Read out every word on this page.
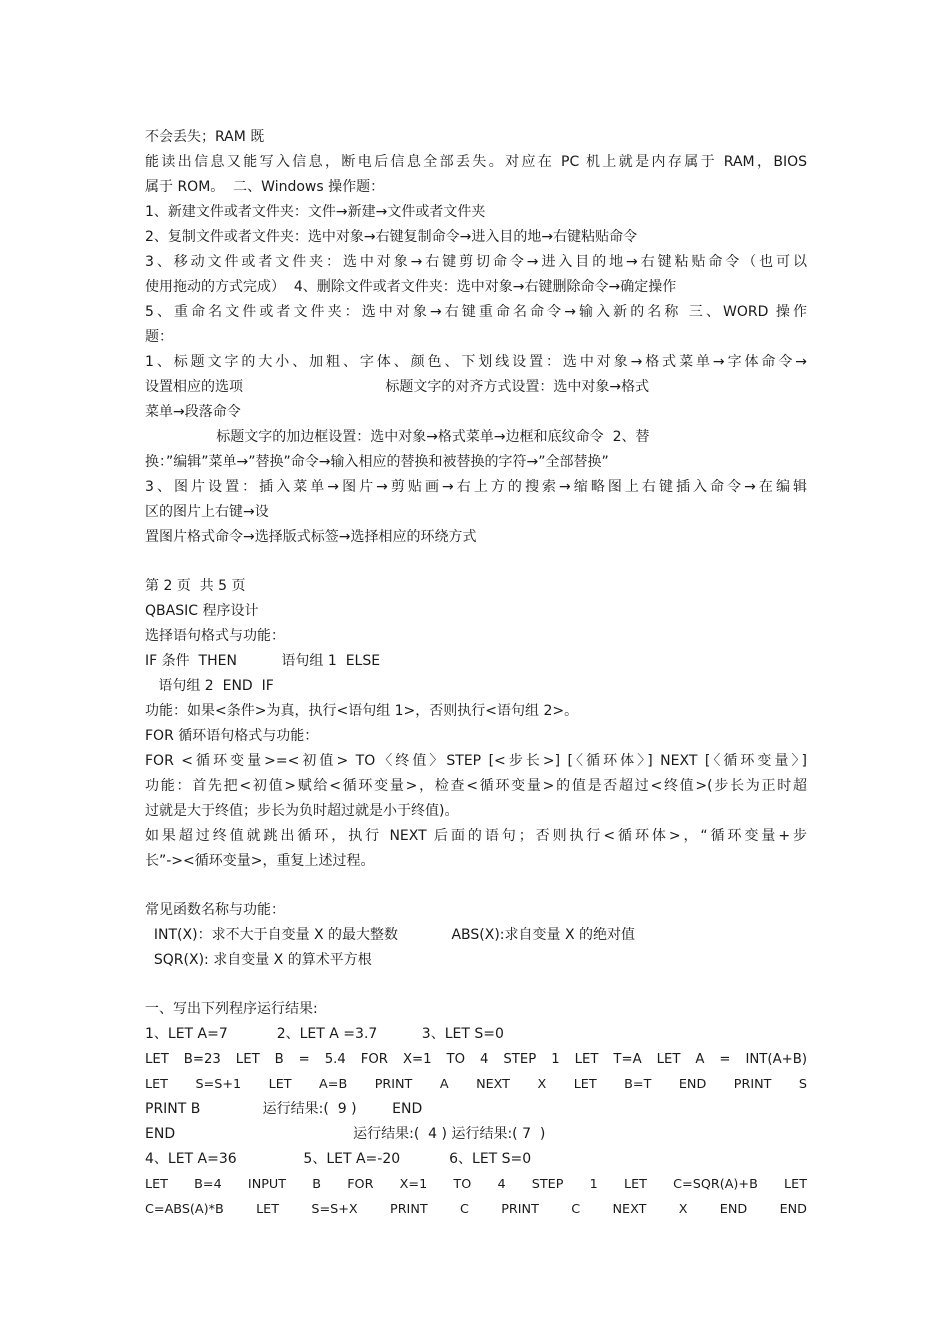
不会丢失；RAM 既
能读出信息又能写入信息，断电后信息全部丢失。对应在 PC 机上就是内存属于 RAM，BIOS
属于 ROM。  二、Windows 操作题：
1、新建文件或者文件夹：文件→新建→文件或者文件夹
2、复制文件或者文件夹：选中对象→右键复制命令→进入目的地→右键粘贴命令
3、移动文件或者文件夹：选中对象→右键剪切命令→进入目的地→右键粘贴命令（也可以
使用拖动的方式完成）  4、删除文件或者文件夹：选中对象→右键删除命令→确定操作
5、重命名文件或者文件夹：选中对象→右键重命名命令→输入新的名称 三、WORD 操作
题：
1、标题文字的大小、加粗、字体、颜色、下划线设置：选中对象→格式菜单→字体命令→
设置相应的选项                                标题文字的对齐方式设置：选中对象→格式
菜单→段落命令
标题文字的加边框设置：选中对象→格式菜单→边框和底纹命令  2、替
换：”编辑”菜单→”替换”命令→输入相应的替换和被替换的字符→”全部替换”
3、图片设置：插入菜单→图片→剪贴画→右上方的搜索→缩略图上右键插入命令→在编辑
区的图片上右键→设
置图片格式命令→选择版式标签→选择相应的环绕方式
第 2 页  共 5 页
QBASIC 程序设计
选择语句格式与功能：
IF 条件  THEN          语句组 1  ELSE
语句组 2  END  IF
功能：如果<条件>为真，执行<语句组 1>，否则执行<语句组 2>。
FOR 循环语句格式与功能：
FOR <循环变量>=<初值> TO〈终值〉STEP [<步长>] [〈循环体〉] NEXT [〈循环变量〉]
功能：首先把<初值>赋给<循环变量>，检查<循环变量>的值是否超过<终值>(步长为正时超
过就是大于终值；步长为负时超过就是小于终值)。
如果超过终值就跳出循环，执行 NEXT 后面的语句；否则执行<循环体>，“循环变量+步
长”-><循环变量>，重复上述过程。
常见函数名称与功能：
INT(X)：求不大于自变量 X 的最大整数            ABS(X):求自变量 X 的绝对值
SQR(X): 求自变量 X 的算术平方根
一、写出下列程序运行结果:
1、LET A=7           2、LET A =3.7          3、LET S=0
LET B=23 LET B = 5.4 FOR X=1 TO 4 STEP 1 LET T=A LET A = INT(A+B)
LET S=S+1 LET A=B PRINT A NEXT X LET B=T END PRINT S
PRINT B              运行结果:(  9 )        END
END                                        运行结果:(  4 ) 运行结果:( 7  )
4、LET A=36               5、LET A=-20           6、LET S=0
LET B=4 INPUT B FOR X=1 TO 4 STEP 1 LET C=SQR(A)+B LET
C=ABS(A)*B LET S=S+X PRINT C PRINT C NEXT X END END
